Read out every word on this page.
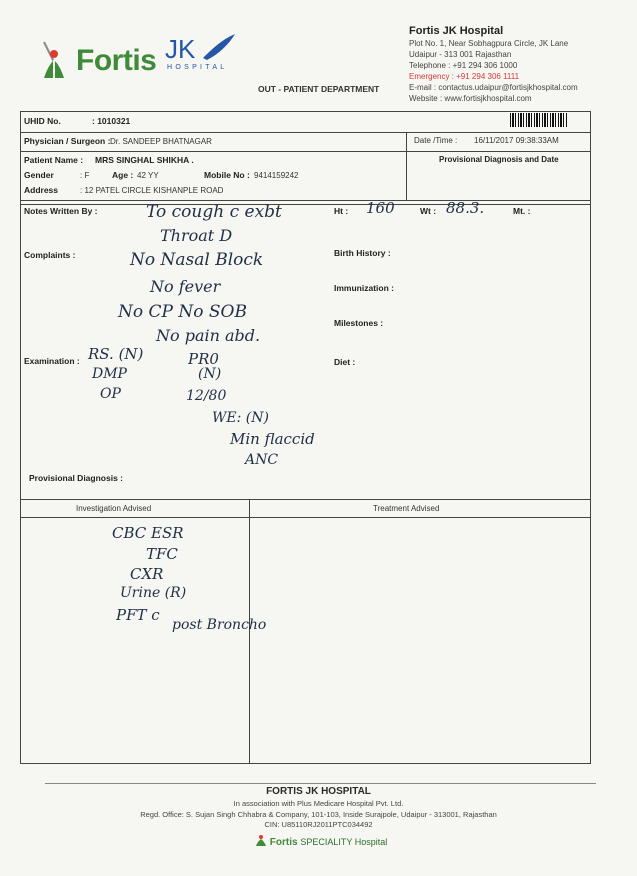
Fortis JK
HOSPITAL
OUT - PATIENT DEPARTMENT
Fortis JK Hospital
Plot No. 1, Near Sobhagpura Circle, JK Lane
Udaipur - 313 001 Rajasthan
Telephone : +91 294 306 1000
Emergency : +91 294 306 1111
E-mail : contactus.udaipur@fortisjkhospital.com
Website : www.fortisjkhospital.com
UHID No.	: 1010321
Physician / Surgeon : Dr. SANDEEP BHATNAGAR	Date /Time : 16/11/2017 09:38:33AM
Patient Name : MRS SINGHAL SHIKHA .	Provisional Diagnosis and Date
Gender	: F	Age : 42 YY	Mobile No : 9414159242
Address	: 12 PATEL CIRCLE KISHANPLE ROAD
Notes Written By :
Complaints :
Examination :
Provisional Diagnosis :
Ht :	Wt :	Mt. :
Birth History :
Immunization :
Milestones :
Diet :
160	88.3.
To cough c exbt
Throat D
No Nasal Block
No fever
No CP No SOB
No pain abd.
RS. (N)	PR0
DMP	(N)
OP	12/80
WE: (N)
Min flaccid
ANC
Investigation Advised	Treatment Advised
CBC ESR
TFC
CXR
Urine (R)
PFT c
post Broncho
FORTIS JK HOSPITAL
In association with Plus Medicare Hospital Pvt. Ltd.
Regd. Office: S. Sujan Singh Chhabra & Company, 101-103, Inside Surajpole, Udaipur - 313001, Rajasthan
CIN: U85110RJ2011PTC034492
Fortis SPECIALITY Hospital
